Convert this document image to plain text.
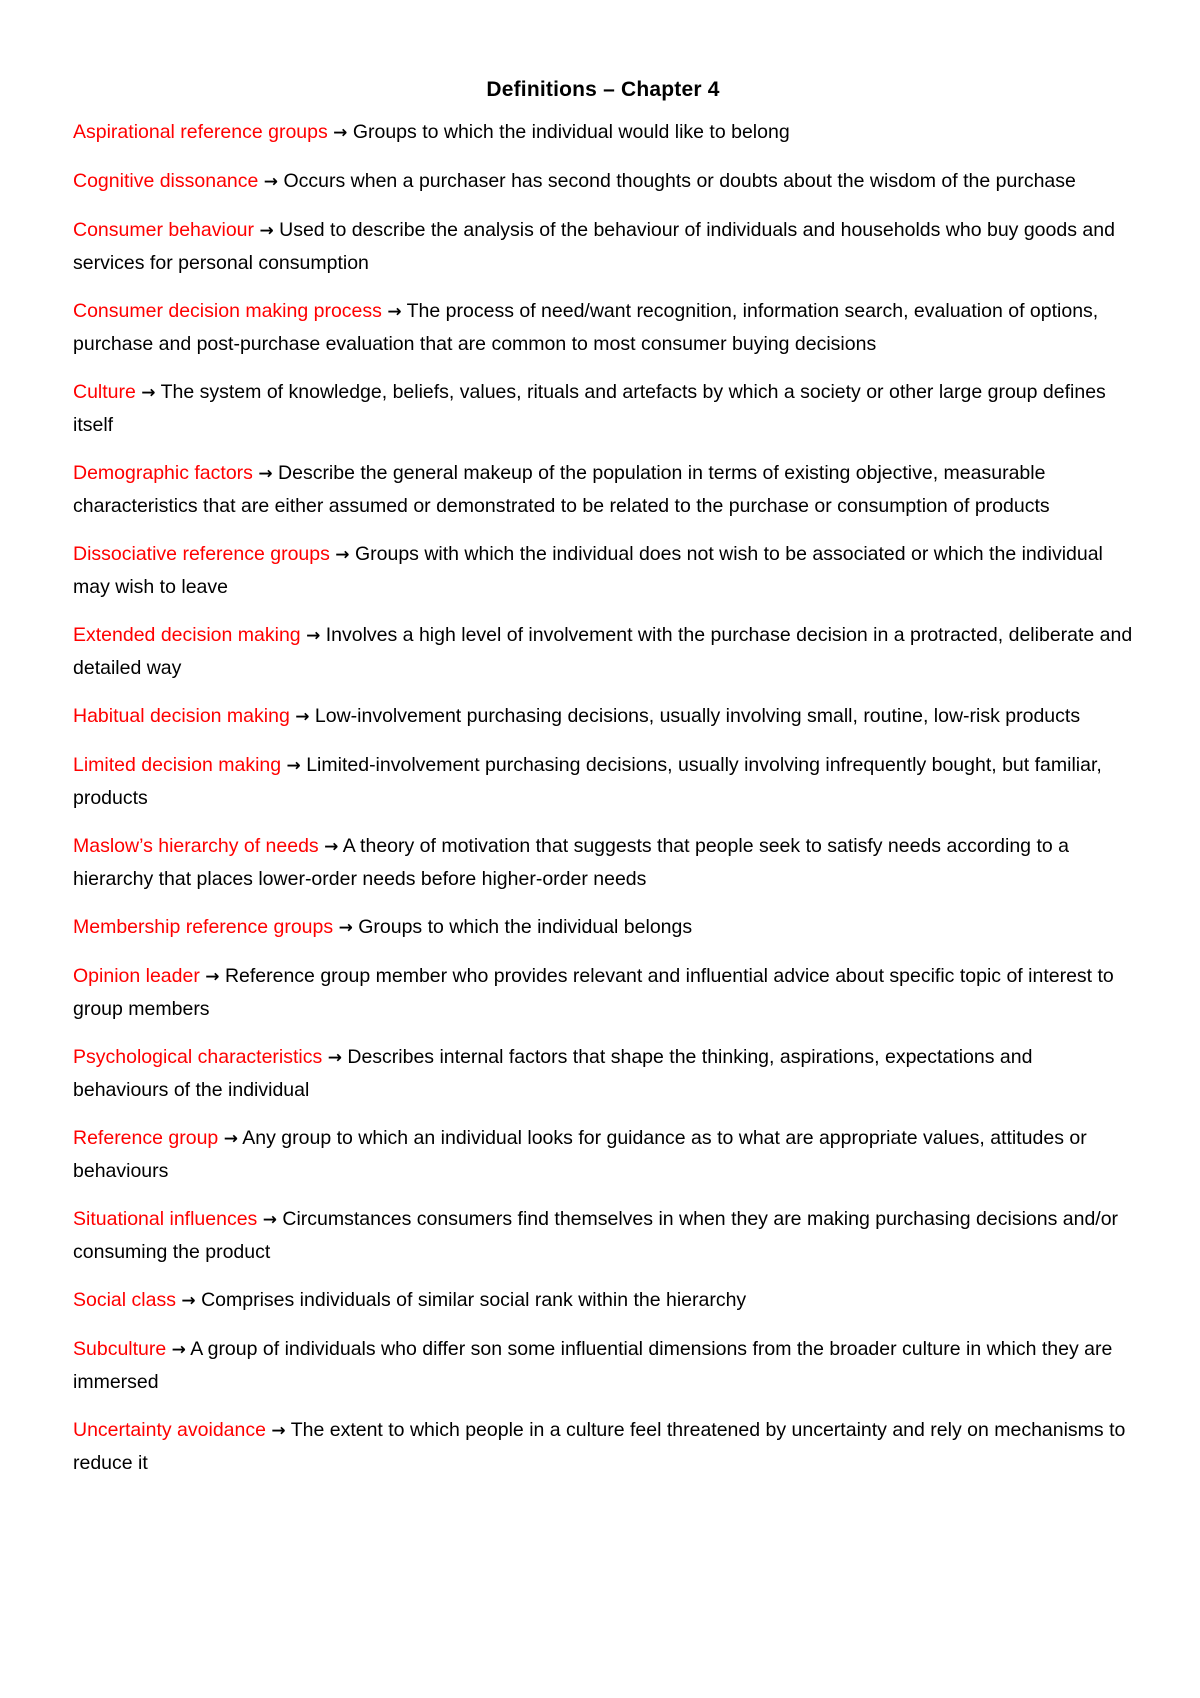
Definitions – Chapter 4

Aspirational reference groups → Groups to which the individual would like to belong

Cognitive dissonance → Occurs when a purchaser has second thoughts or doubts about the wisdom of the purchase

Consumer behaviour → Used to describe the analysis of the behaviour of individuals and households who buy goods and services for personal consumption

Consumer decision making process → The process of need/want recognition, information search, evaluation of options, purchase and post-purchase evaluation that are common to most consumer buying decisions

Culture → The system of knowledge, beliefs, values, rituals and artefacts by which a society or other large group defines itself

Demographic factors → Describe the general makeup of the population in terms of existing objective, measurable characteristics that are either assumed or demonstrated to be related to the purchase or consumption of products

Dissociative reference groups → Groups with which the individual does not wish to be associated or which the individual may wish to leave

Extended decision making → Involves a high level of involvement with the purchase decision in a protracted, deliberate and detailed way

Habitual decision making → Low-involvement purchasing decisions, usually involving small, routine, low-risk products

Limited decision making → Limited-involvement purchasing decisions, usually involving infrequently bought, but familiar, products

Maslow’s hierarchy of needs → A theory of motivation that suggests that people seek to satisfy needs according to a hierarchy that places lower-order needs before higher-order needs

Membership reference groups → Groups to which the individual belongs

Opinion leader → Reference group member who provides relevant and influential advice about specific topic of interest to group members

Psychological characteristics → Describes internal factors that shape the thinking, aspirations, expectations and behaviours of the individual

Reference group → Any group to which an individual looks for guidance as to what are appropriate values, attitudes or behaviours

Situational influences → Circumstances consumers find themselves in when they are making purchasing decisions and/or consuming the product

Social class → Comprises individuals of similar social rank within the hierarchy

Subculture → A group of individuals who differ son some influential dimensions from the broader culture in which they are immersed

Uncertainty avoidance → The extent to which people in a culture feel threatened by uncertainty and rely on mechanisms to reduce it
